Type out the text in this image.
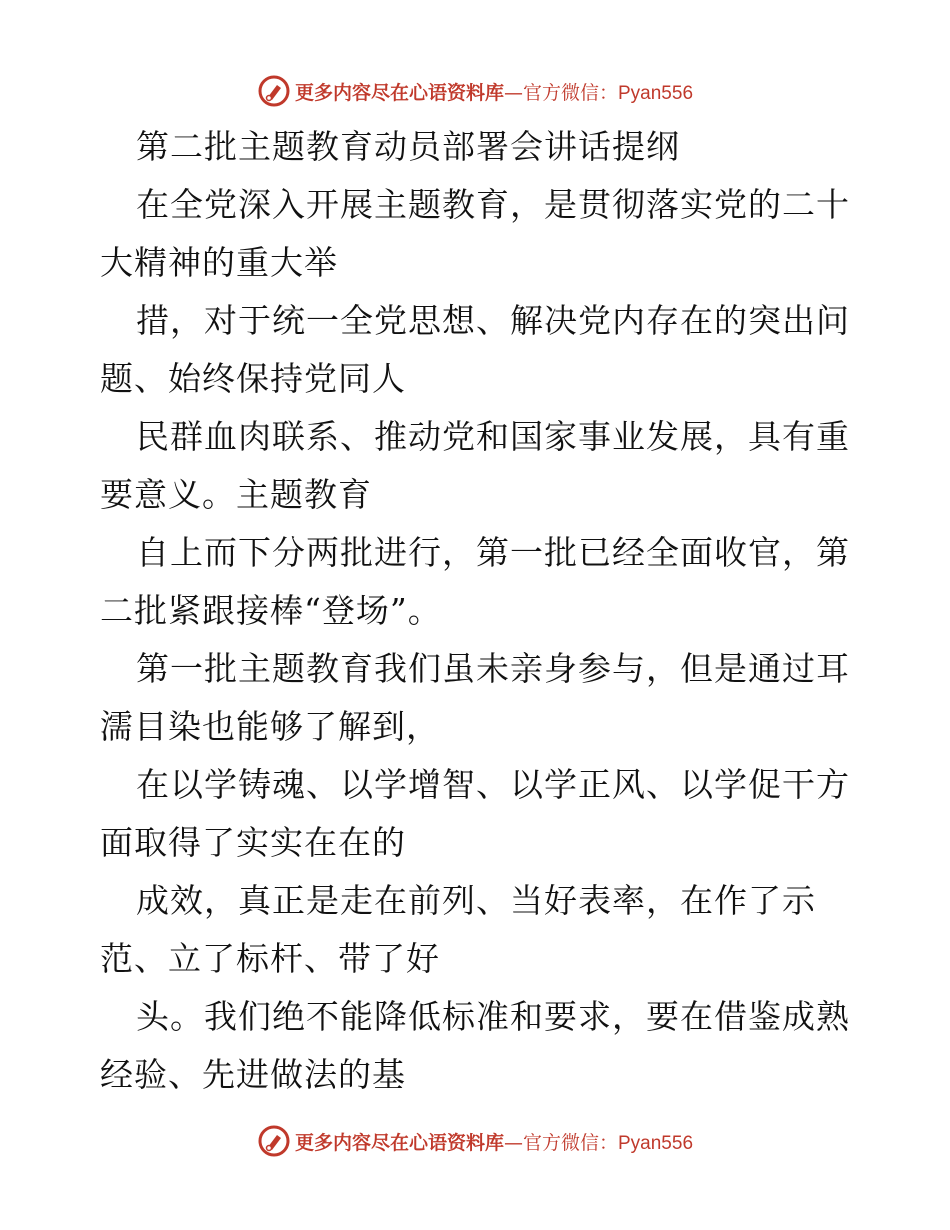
更多内容尽在心语资料库—官方微信：Pyan556
第二批主题教育动员部署会讲话提纲
在全党深入开展主题教育，是贯彻落实党的二十
大精神的重大举
措，对于统一全党思想、解决党内存在的突出问
题、始终保持党同人
民群血肉联系、推动党和国家事业发展，具有重
要意义。主题教育
自上而下分两批进行，第一批已经全面收官，第
二批紧跟接棒“登场”。
第一批主题教育我们虽未亲身参与，但是通过耳
濡目染也能够了解到，
在以学铸魂、以学增智、以学正风、以学促干方
面取得了实实在在的
成效，真正是走在前列、当好表率，在作了示
范、立了标杆、带了好
头。我们绝不能降低标准和要求，要在借鉴成熟
经验、先进做法的基
更多内容尽在心语资料库—官方微信：Pyan556
